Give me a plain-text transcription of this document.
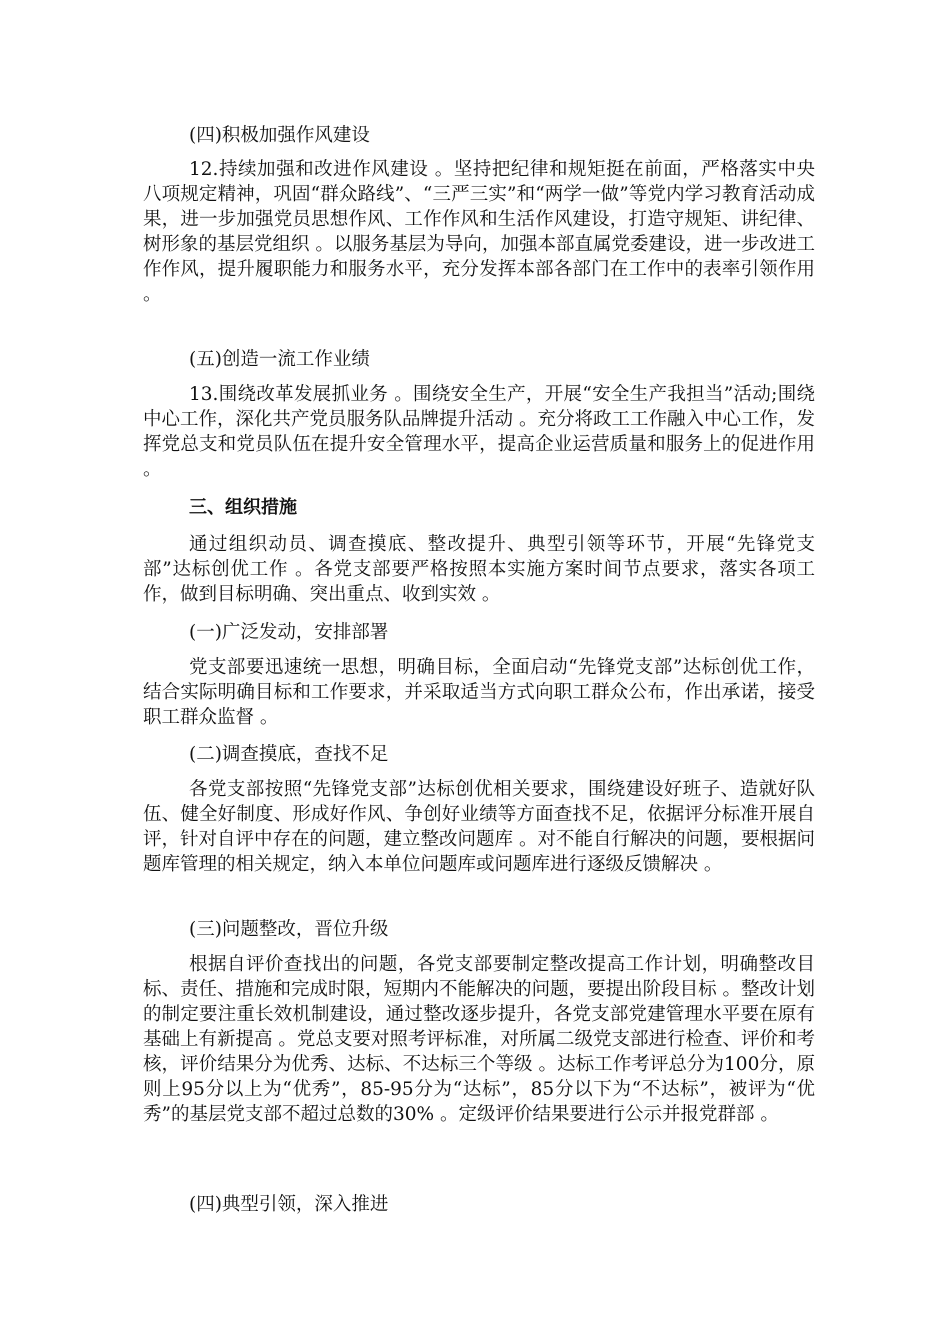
(四)积极加强作风建设

12.持续加强和改进作风建设 。坚持把纪律和规矩挺在前面，严格落实中央八项规定精神，巩固“群众路线”、“三严三实”和“两学一做”等党内学习教育活动成果，进一步加强党员思想作风、工作作风和生活作风建设，打造守规矩、讲纪律、树形象的基层党组织 。以服务基层为导向，加强本部直属党委建设，进一步改进工作作风，提升履职能力和服务水平，充分发挥本部各部门在工作中的表率引领作用 。

(五)创造一流工作业绩

13.围绕改革发展抓业务 。围绕安全生产，开展“安全生产我担当”活动;围绕中心工作，深化共产党员服务队品牌提升活动 。充分将政工工作融入中心工作，发挥党总支和党员队伍在提升安全管理水平，提高企业运营质量和服务上的促进作用 。

三、组织措施

通过组织动员、调查摸底、整改提升、典型引领等环节，开展“先锋党支部”达标创优工作 。各党支部要严格按照本实施方案时间节点要求，落实各项工作，做到目标明确、突出重点、收到实效 。

(一)广泛发动，安排部署

党支部要迅速统一思想，明确目标，全面启动“先锋党支部”达标创优工作，结合实际明确目标和工作要求，并采取适当方式向职工群众公布，作出承诺，接受职工群众监督 。

(二)调查摸底，查找不足

各党支部按照“先锋党支部”达标创优相关要求，围绕建设好班子、造就好队伍、健全好制度、形成好作风、争创好业绩等方面查找不足，依据评分标准开展自评，针对自评中存在的问题，建立整改问题库 。对不能自行解决的问题，要根据问题库管理的相关规定，纳入本单位问题库或问题库进行逐级反馈解决 。

(三)问题整改，晋位升级

根据自评价查找出的问题，各党支部要制定整改提高工作计划，明确整改目标、责任、措施和完成时限，短期内不能解决的问题，要提出阶段目标 。整改计划的制定要注重长效机制建设，通过整改逐步提升，各党支部党建管理水平要在原有基础上有新提高 。党总支要对照考评标准，对所属二级党支部进行检查、评价和考核，评价结果分为优秀、达标、不达标三个等级 。达标工作考评总分为100分，原则上95分以上为“优秀”，85-95分为“达标”，85分以下为“不达标”，被评为“优秀”的基层党支部不超过总数的30% 。定级评价结果要进行公示并报党群部 。

(四)典型引领，深入推进
